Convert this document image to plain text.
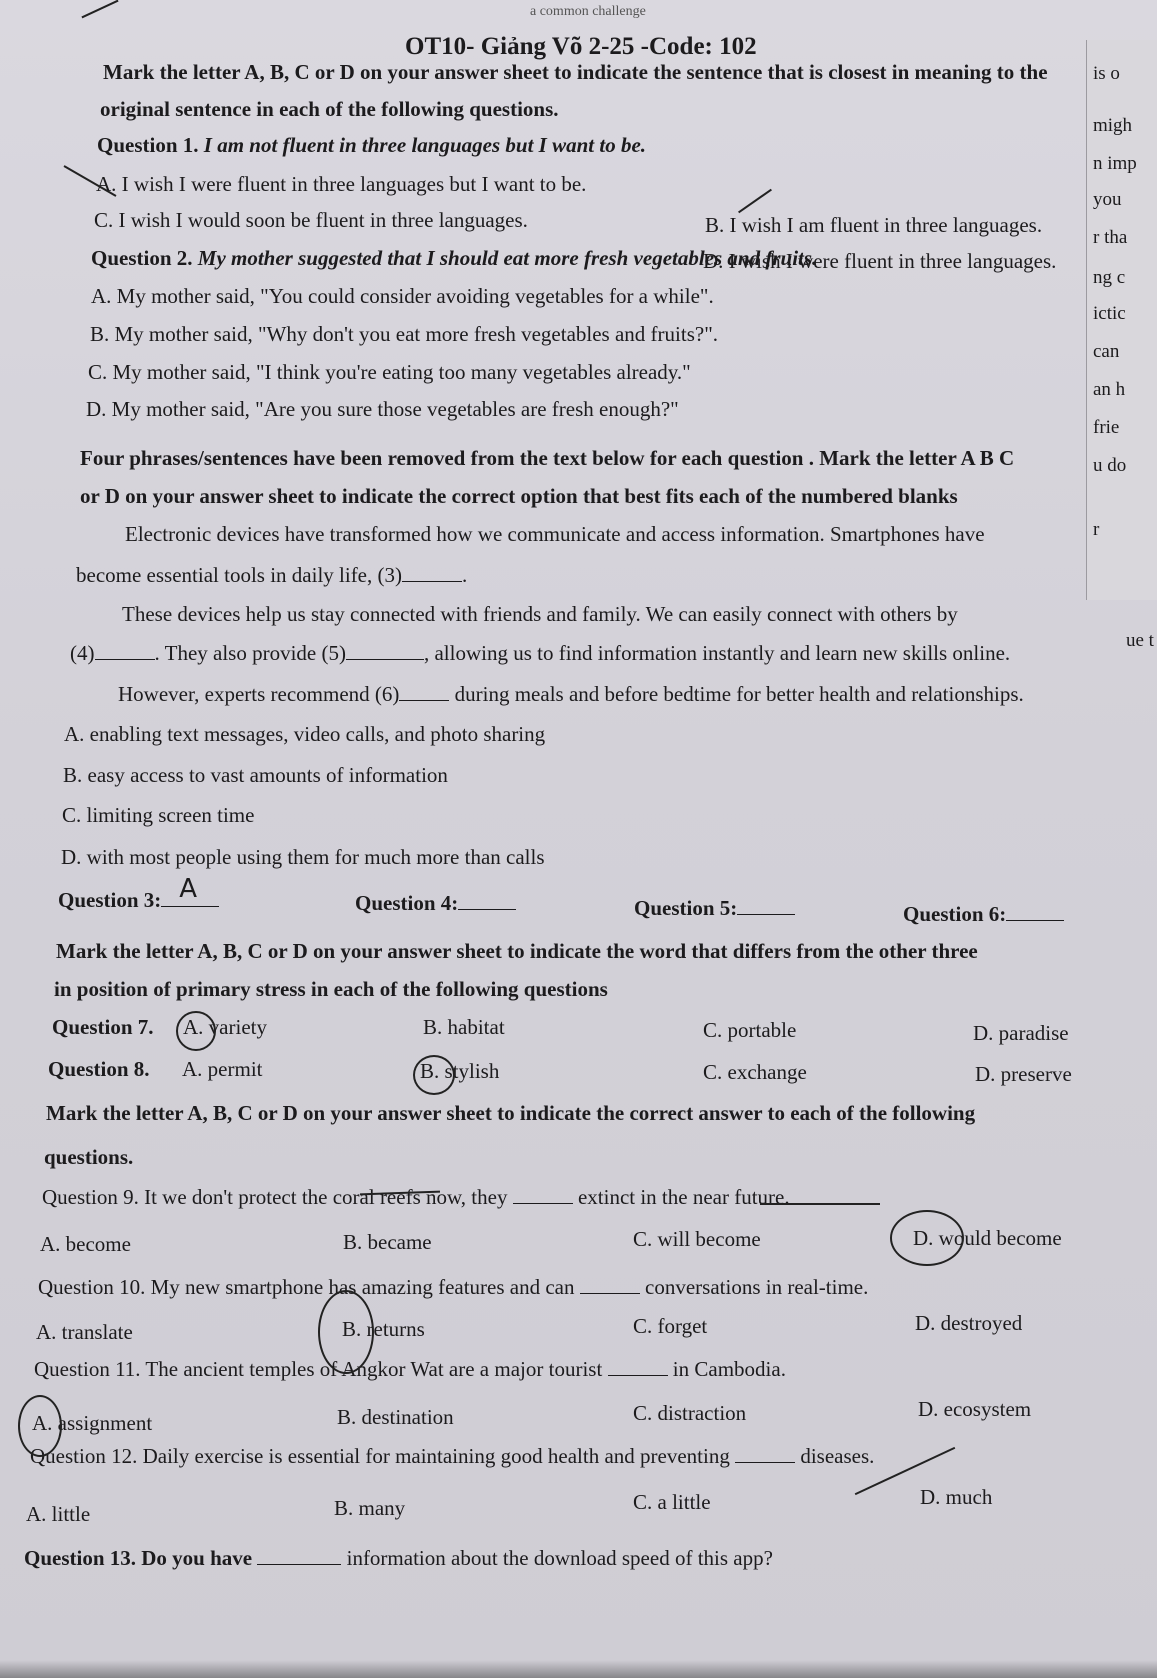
is o
migh
n imp
you
r tha
ng c
ictic
can
an h
frie
u do
r
ue t
a common challenge
OT10- Giảng Võ 2-25 -Code: 102
Mark the letter A, B, C or D on your answer sheet to indicate the sentence that is closest in meaning to the
original sentence in each of the following questions.
Question 1. I am not fluent in three languages but I want to be.
A. I wish I were fluent in three languages but I want to be.
B. I wish I am fluent in three languages.
C. I wish I would soon be fluent in three languages.
D. I wish I were fluent in three languages.
Question 2. My mother suggested that I should eat more fresh vegetables and fruits.
A. My mother said, "You could consider avoiding vegetables for a while".
B. My mother said, "Why don't you eat more fresh vegetables and fruits?".
C. My mother said, "I think you're eating too many vegetables already."
D. My mother said, "Are you sure those vegetables are fresh enough?"
Four phrases/sentences have been removed from the text below for each question . Mark the letter A B C
or D on your answer sheet to indicate the correct option that best fits each of the numbered blanks
Electronic devices have transformed how we communicate and access information. Smartphones have
become essential tools in daily life, (3)	.
These devices help us stay connected with friends and family. We can easily connect with others by
(4)	. They also provide (5)	, allowing us to find information instantly and learn new skills online.
However, experts recommend (6) during meals and before bedtime for better health and relationships.
A. enabling text messages, video calls, and photo sharing
B. easy access to vast amounts of information
C. limiting screen time
D. with most people using them for much more than calls
Question 3: A	Question 4:	Question 5:	Question 6:
Mark the letter A, B, C or D on your answer sheet to indicate the word that differs from the other three
in position of primary stress in each of the following questions
Question 7. A. variety	B. habitat	C. portable	D. paradise
Question 8. A. permit	B. stylish	C. exchange	D. preserve
Mark the letter A, B, C or D on your answer sheet to indicate the correct answer to each of the following
questions.
Question 9. It we don't protect the coral reefs now, they	extinct in the near future.
A. become	B. became	C. will become	D. would become
Question 10. My new smartphone has amazing features and can	conversations in real-time.
A. translate	B. returns	C. forget	D. destroyed
Question 11. The ancient temples of Angkor Wat are a major tourist	in Cambodia.
A. assignment	B. destination	C. distraction	D. ecosystem
Question 12. Daily exercise is essential for maintaining good health and preventing	diseases.
A. little	B. many	C. a little	D. much
Question 13. Do you have	information about the download speed of this app?
